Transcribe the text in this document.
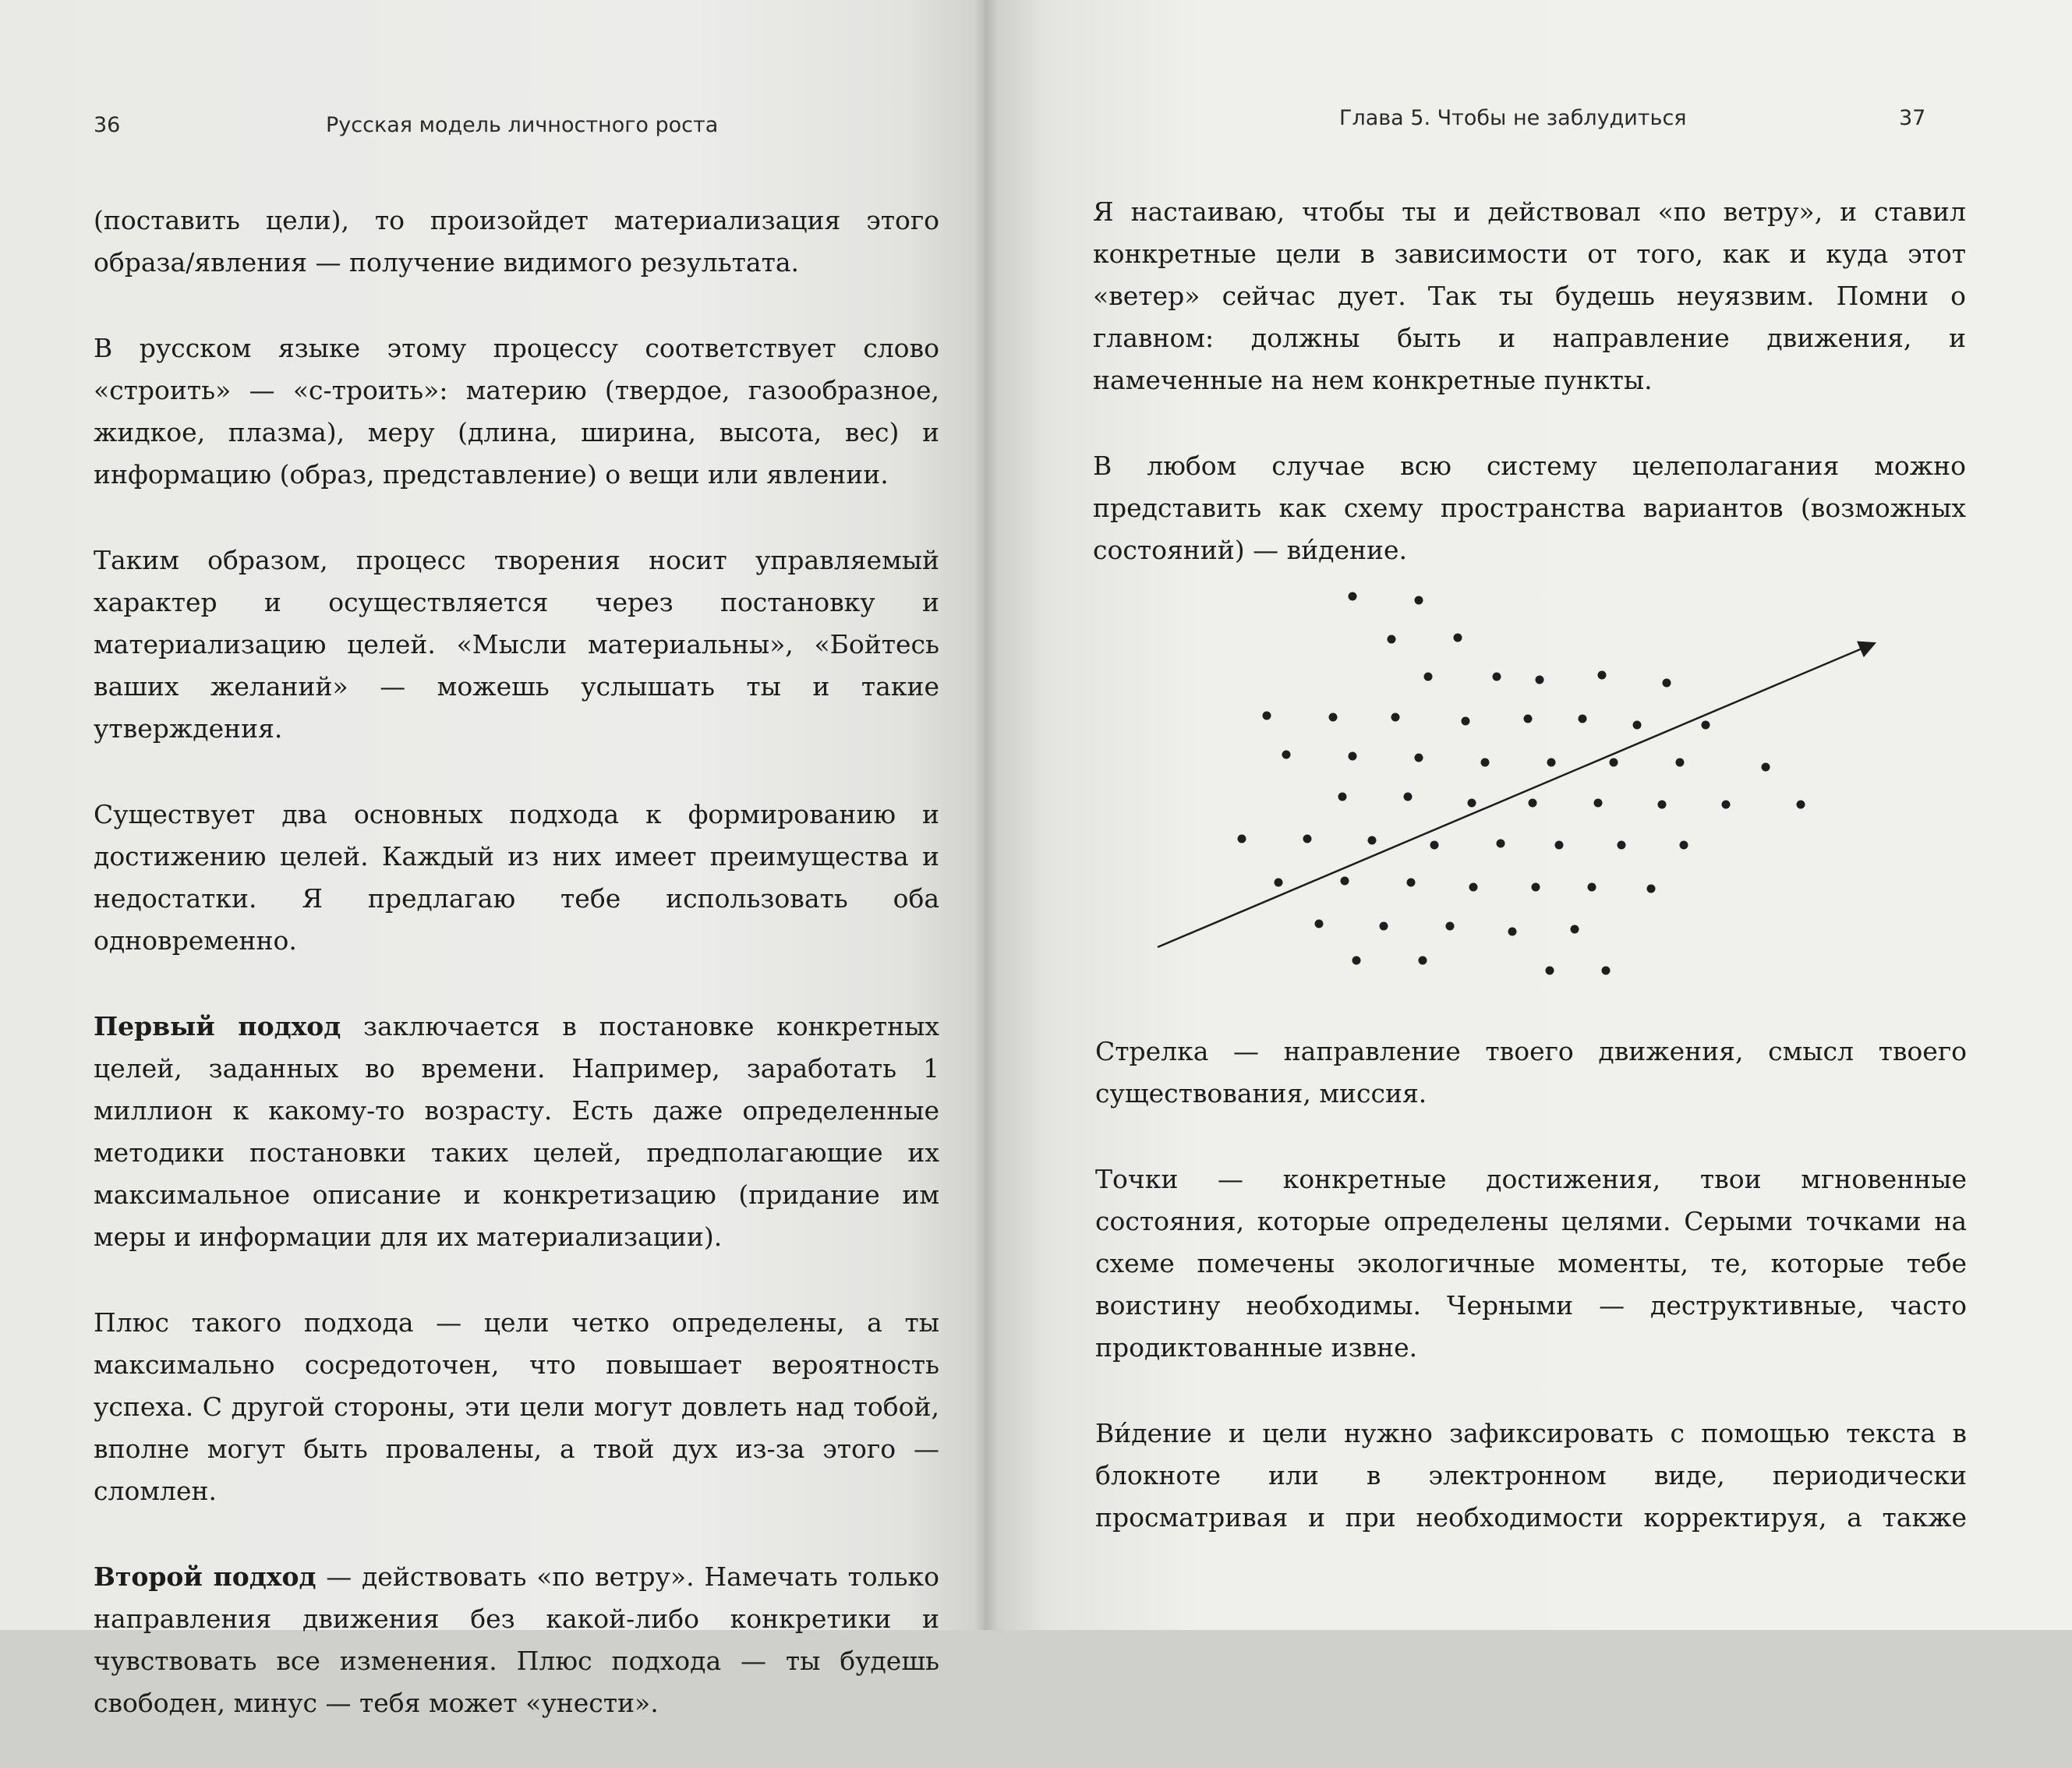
36	Русская модель личностного роста

(поставить цели), то произойдет материализация этого образа/явления — получение видимого результата.

В русском языке этому процессу соответствует слово «строить» — «с-троить»: материю (твердое, газообразное, жидкое, плазма), меру (длина, ширина, высота, вес) и информацию (образ, представление) о вещи или явлении.

Таким образом, процесс творения носит управляемый характер и осуществляется через постановку и материализацию целей. «Мысли материальны», «Бойтесь ваших желаний» — можешь услышать ты и такие утверждения.

Существует два основных подхода к формированию и достижению целей. Каждый из них имеет преимущества и недостатки. Я предлагаю тебе использовать оба одновременно.

Первый подход заключается в постановке конкретных целей, заданных во времени. Например, заработать 1 миллион к какому-то возрасту. Есть даже определенные методики постановки таких целей, предполагающие их максимальное описание и конкретизацию (придание им меры и информации для их материализации).

Плюс такого подхода — цели четко определены, а ты максимально сосредоточен, что повышает вероятность успеха. С другой стороны, эти цели могут довлеть над тобой, вполне могут быть провалены, а твой дух из-за этого — сломлен.

Второй подход — действовать «по ветру». Намечать только направления движения без какой-либо конкретики и чувствовать все изменения. Плюс подхода — ты будешь свободен, минус — тебя может «унести».

Глава 5. Чтобы не заблудиться	37

Я настаиваю, чтобы ты и действовал «по ветру», и ставил конкретные цели в зависимости от того, как и куда этот «ветер» сейчас дует. Так ты будешь неуязвим. Помни о главном: должны быть и направление движения, и намеченные на нем конкретные пункты.

В любом случае всю систему целеполагания можно представить как схему пространства вариантов (возможных состояний) — ви́дение.

Стрелка — направление твоего движения, смысл твоего существования, миссия.

Точки — конкретные достижения, твои мгновенные состояния, которые определены целями. Серыми точками на схеме помечены экологичные моменты, те, которые тебе воистину необходимы. Черными — деструктивные, часто продиктованные извне.

Ви́дение и цели нужно зафиксировать с помощью текста в блокноте или в электронном виде, периодически просматривая и при необходимости корректируя, а также
